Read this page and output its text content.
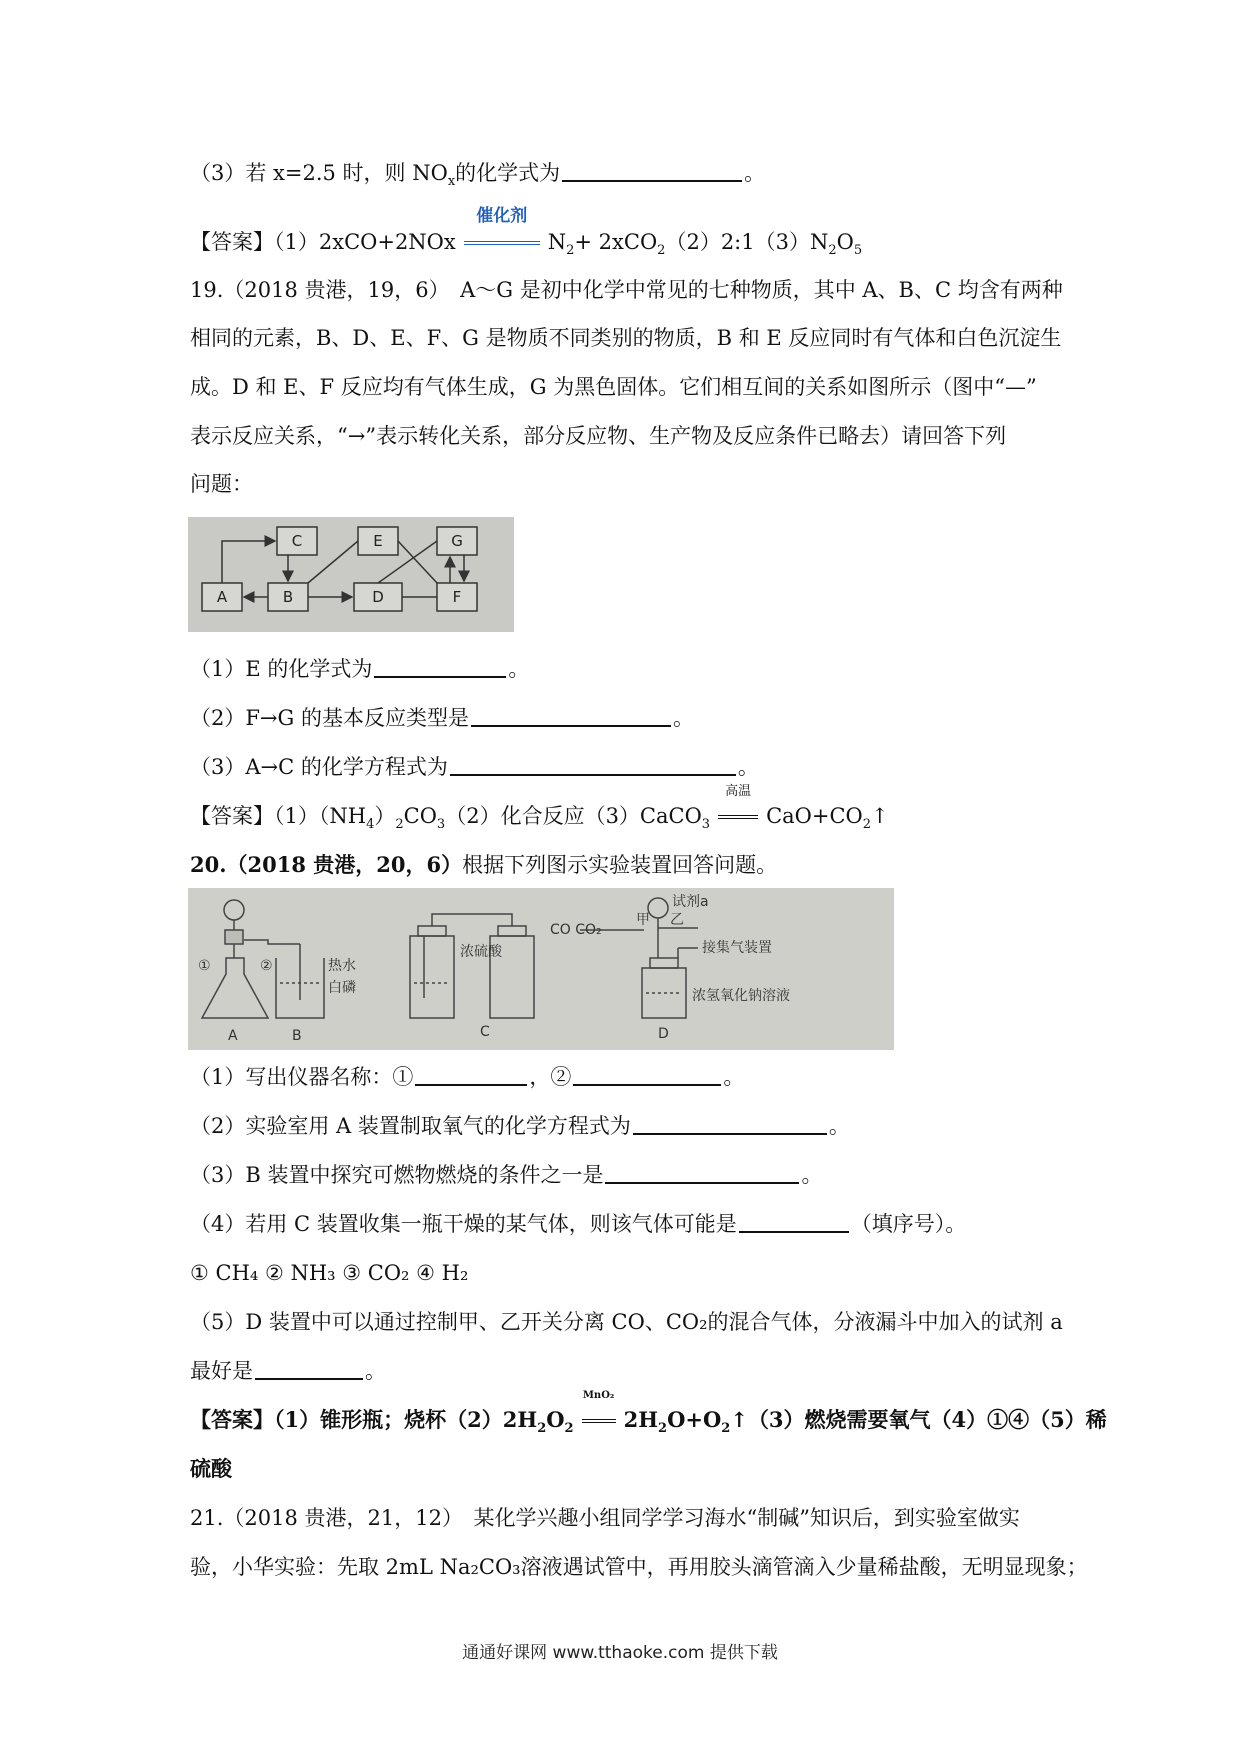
（3）若 x=2.5 时，则 $NO_x$的化学式为	。
【答案】（1）2xCO+2NOx
催化剂
$N_2+$ $2xCO_2(2)2:1(3)N_2O_5$
19.（2018 贵港，19，6）　A～G 是初中化学中常见的七种物质，其中 A、B、C 均含有两种
相同的元素，B、D、E、F、G 是物质不同类别的物质，B 和 E 反应同时有气体和白色沉淀生
成。D 和 E、F 反应均有气体生成，G 为黑色固体。它们相互间的关系如图所示（图中“—”
表示反应关系，“→”表示转化关系，部分反应物、生产物及反应条件已略去）请回答下列
问题：
A	B
C
D
E
F
G
（1）E 的化学式为	。
（2）F→G 的基本反应类型是	。
（3）A→C 的化学方程式为	。
【答案】$(1)(NH_4)_2CO_3(2)$化合反应（3）CaCO$_3$
高温
$CaO+CO_2↑$
20.（2018 贵港，20，6）根据下列图示实验装置回答问题。
①	②	热水
白磷
A	B
浓硫酸
C
CO CO₂
甲 乙
试剂a
接集气装置
浓氢氧化钠溶液
D
（1）写出仪器名称：①	，②	。
（2）实验室用 A 装置制取氧气的化学方程式为	。
（3）B 装置中探究可燃物燃烧的条件之一是	。
（4）若用 C 装置收集一瓶干燥的某气体，则该气体可能是	（填序号）。
① CH₄ ② NH₃ ③ CO₂ ④ H₂
（5）D 装置中可以通过控制甲、乙开关分离 CO、CO₂的混合气体，分液漏斗中加入的试剂 a
最好是	。
【答案】（1）锥形瓶；烧杯$(2)2H_2O_2$
MnO₂
$2H_2O+O_2↑(3)$燃烧需要氧气（4）①④（5）稀
硫酸
21.（2018 贵港，21，12）　某化学兴趣小组同学学习海水“制碱”知识后，到实验室做实
验，小华实验：先取 2mL Na₂CO₃溶液遇试管中，再用胶头滴管滴入少量稀盐酸，无明显现象；
通通好课网 www.tthaoke.com 提供下载
